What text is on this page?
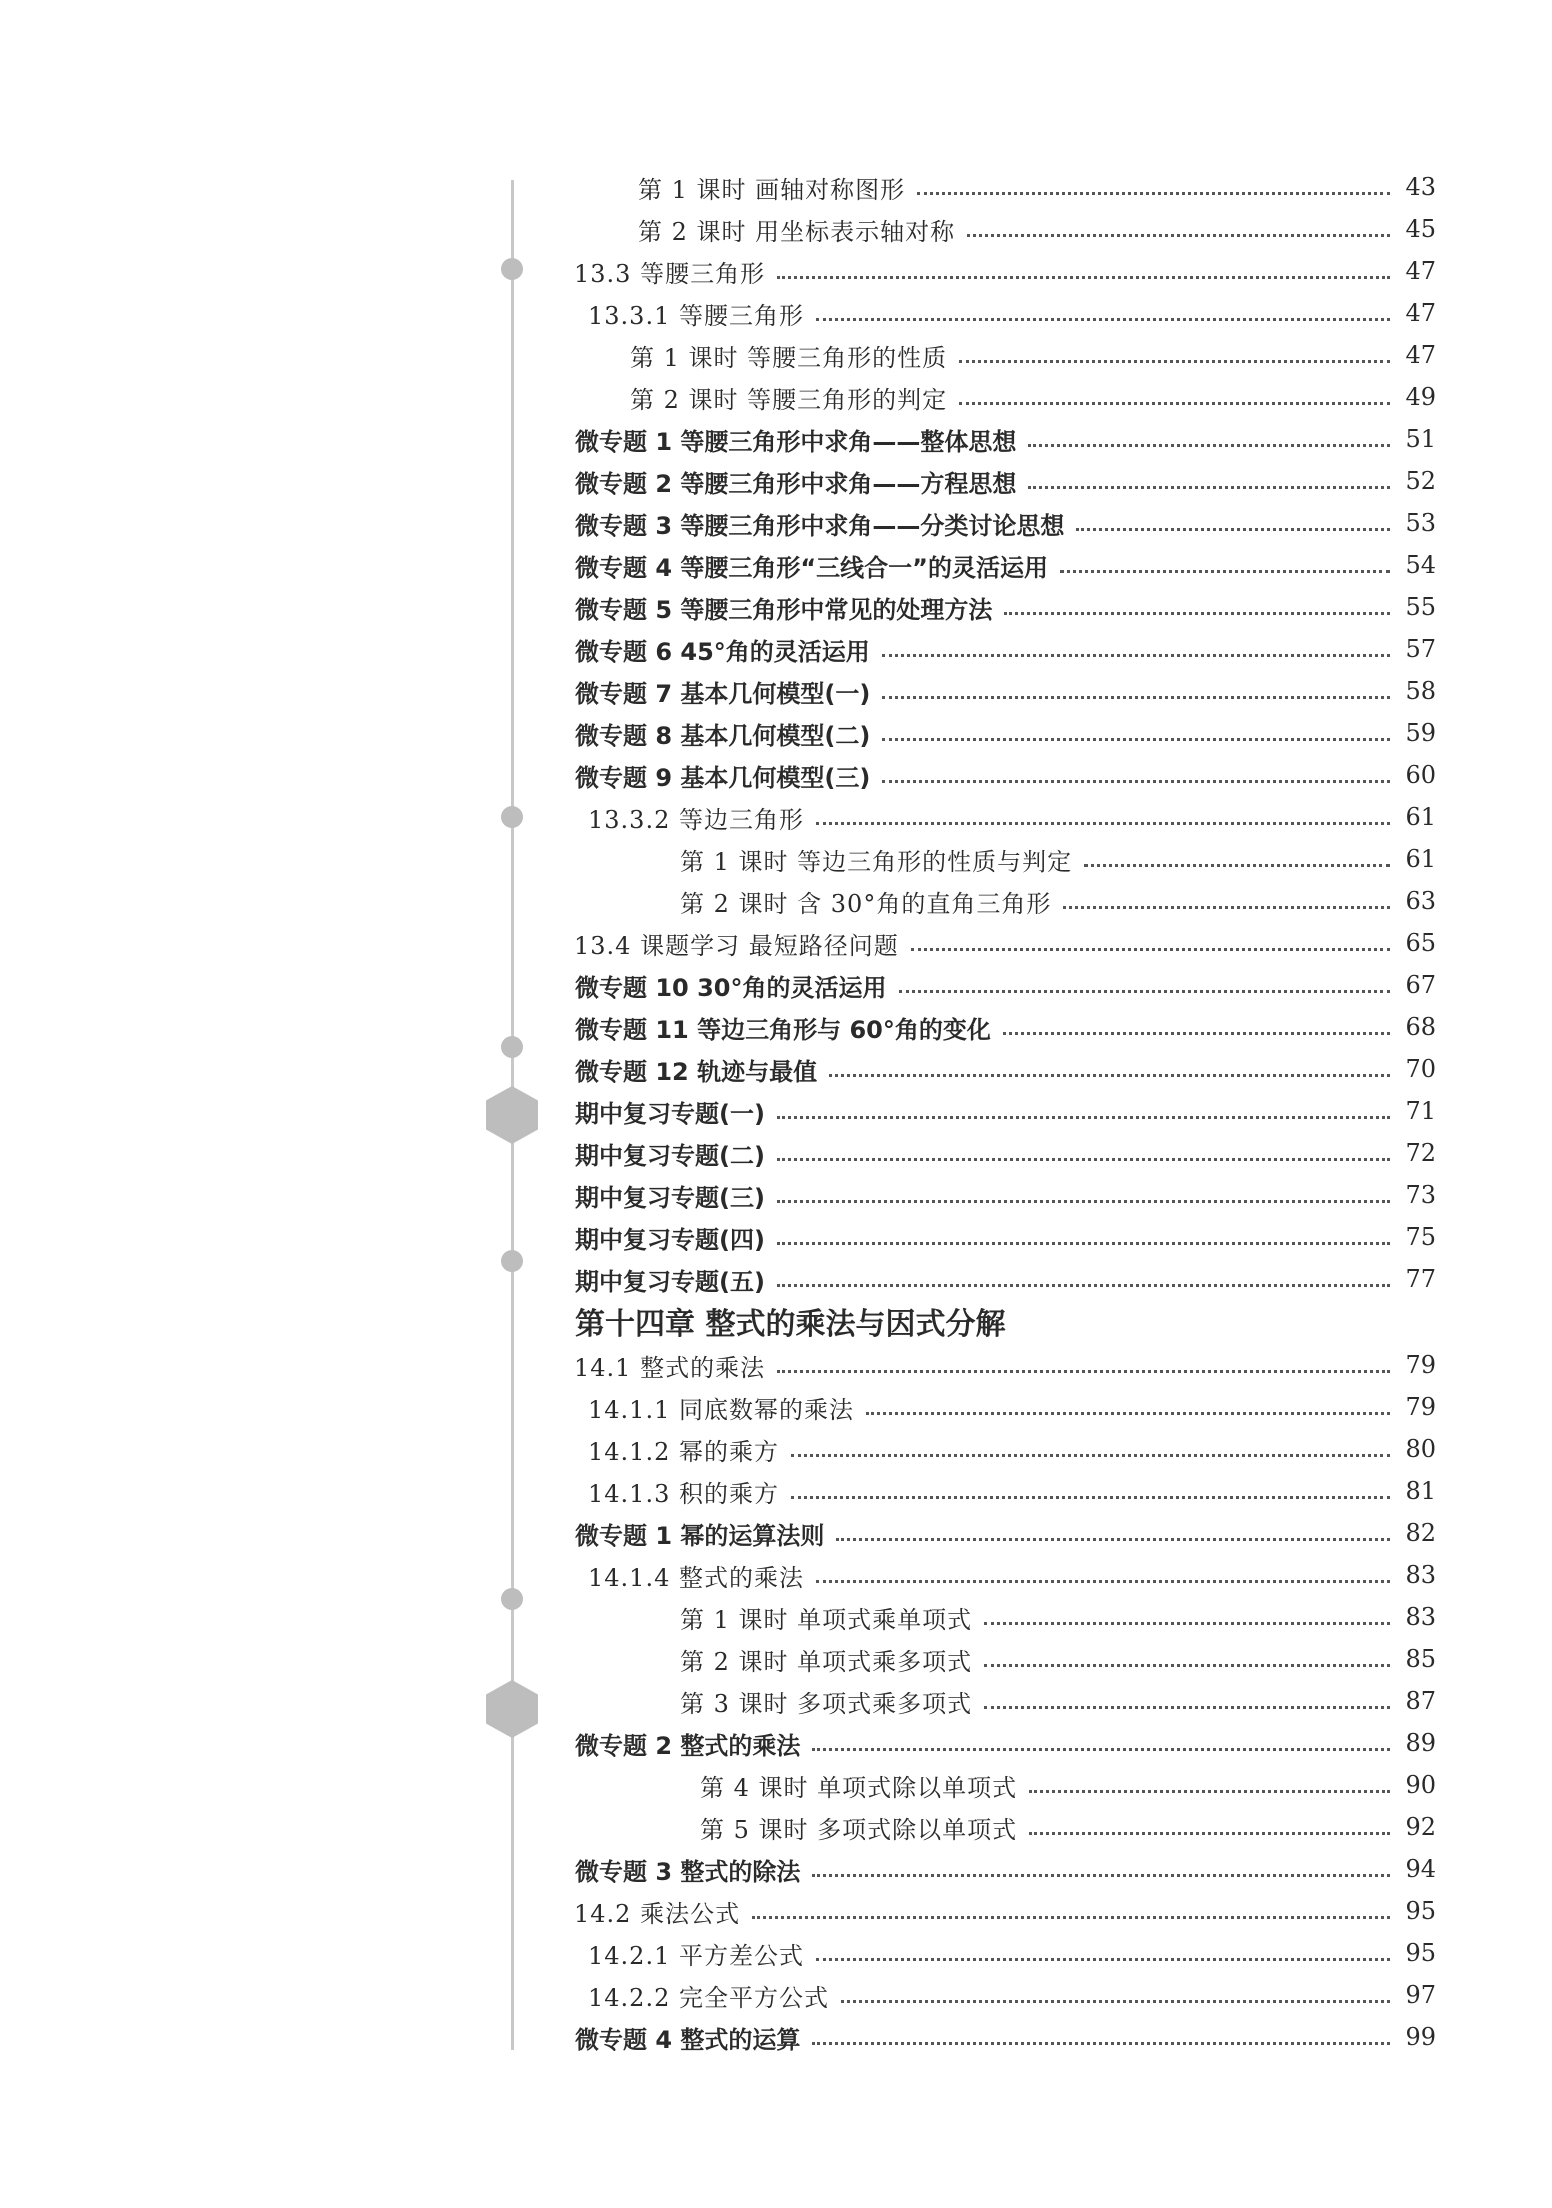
第 1 课时 画轴对称图形	43
第 2 课时 用坐标表示轴对称	45
13.3 等腰三角形	47
13.3.1 等腰三角形	47
第 1 课时 等腰三角形的性质	47
第 2 课时 等腰三角形的判定	49
微专题 1 等腰三角形中求角——整体思想	51
微专题 2 等腰三角形中求角——方程思想	52
微专题 3 等腰三角形中求角——分类讨论思想	53
微专题 4 等腰三角形“三线合一”的灵活运用	54
微专题 5 等腰三角形中常见的处理方法	55
微专题 6 45°角的灵活运用	57
微专题 7 基本几何模型(一)	58
微专题 8 基本几何模型(二)	59
微专题 9 基本几何模型(三)	60
13.3.2 等边三角形	61
第 1 课时 等边三角形的性质与判定	61
第 2 课时 含 30°角的直角三角形	63
13.4 课题学习 最短路径问题	65
微专题 10 30°角的灵活运用	67
微专题 11 等边三角形与 60°角的变化	68
微专题 12 轨迹与最值	70
期中复习专题(一)	71
期中复习专题(二)	72
期中复习专题(三)	73
期中复习专题(四)	75
期中复习专题(五)	77
第十四章 整式的乘法与因式分解
14.1 整式的乘法	79
14.1.1 同底数幂的乘法	79
14.1.2 幂的乘方	80
14.1.3 积的乘方	81
微专题 1 幂的运算法则	82
14.1.4 整式的乘法	83
第 1 课时 单项式乘单项式	83
第 2 课时 单项式乘多项式	85
第 3 课时 多项式乘多项式	87
微专题 2 整式的乘法	89
第 4 课时 单项式除以单项式	90
第 5 课时 多项式除以单项式	92
微专题 3 整式的除法	94
14.2 乘法公式	95
14.2.1 平方差公式	95
14.2.2 完全平方公式	97
微专题 4 整式的运算	99
